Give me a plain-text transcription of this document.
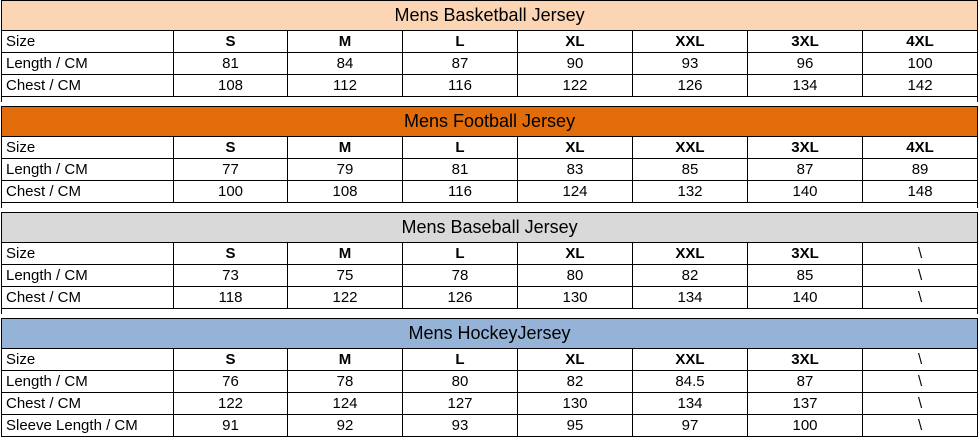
Mens Basketball Jersey							
Size	S	M	L	XL	XXL	3XL	4XL
Length / CM	81	84	87	90	93	96	100
Chest / CM	108	112	116	122	126	134	142
Mens Football Jersey							
Size	S	M	L	XL	XXL	3XL	4XL
Length / CM	77	79	81	83	85	87	89
Chest / CM	100	108	116	124	132	140	148
Mens Baseball Jersey							
Size	S	M	L	XL	XXL	3XL	\
Length / CM	73	75	78	80	82	85	\
Chest / CM	118	122	126	130	134	140	\
Mens HockeyJersey							
Size	S	M	L	XL	XXL	3XL	\
Length / CM	76	78	80	82	84.5	87	\
Chest / CM	122	124	127	130	134	137	\
Sleeve Length / CM	91	92	93	95	97	100	\
